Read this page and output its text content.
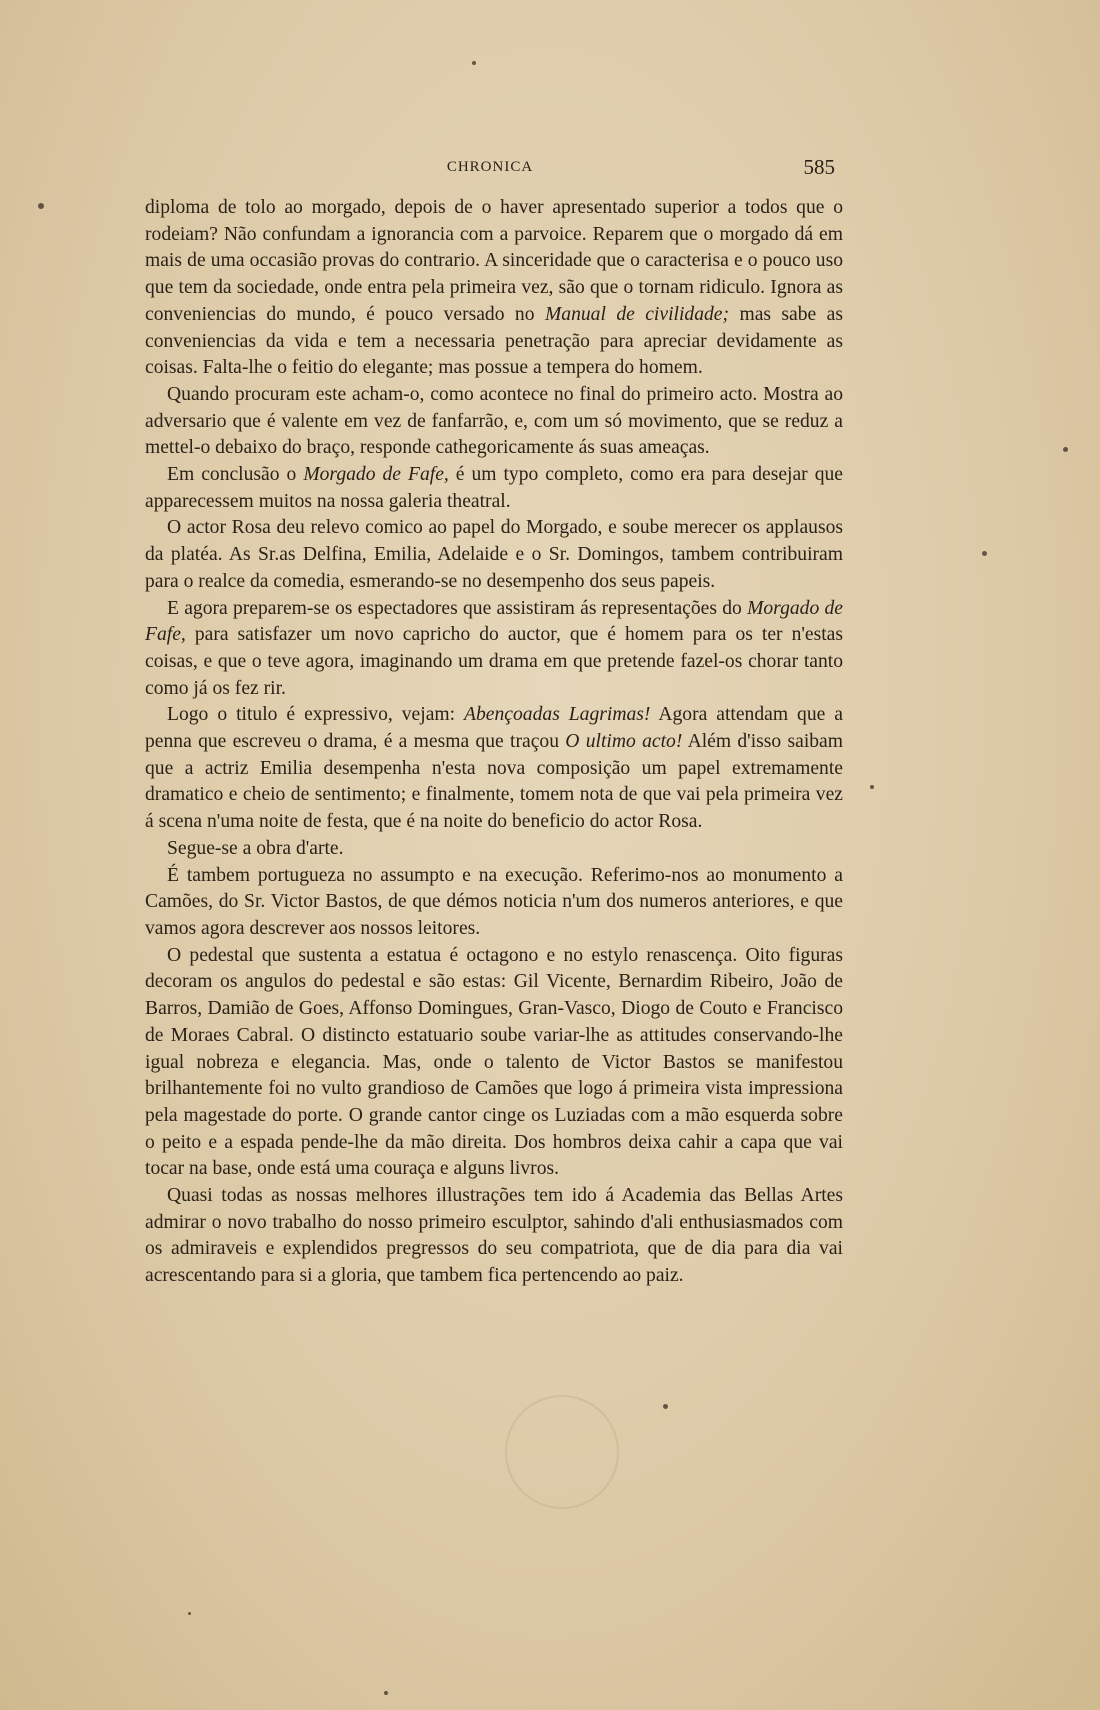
CHRONICA	585

diploma de tolo ao morgado, depois de o haver apresentado superior a todos que o rodeiam? Não confundam a ignorancia com a parvoice. Reparem que o morgado dá em mais de uma occasião provas do contrario. A sinceridade que o caracterisa e o pouco uso que tem da sociedade, onde entra pela primeira vez, são que o tornam ridiculo. Ignora as conveniencias do mundo, é pouco versado no Manual de civilidade; mas sabe as conveniencias da vida e tem a necessaria penetração para apreciar devidamente as coisas. Falta-lhe o feitio do elegante; mas possue a tempera do homem.

Quando procuram este acham-o, como acontece no final do primeiro acto. Mostra ao adversario que é valente em vez de fanfarrão, e, com um só movimento, que se reduz a mettel-o debaixo do braço, responde cathegoricamente ás suas ameaças.

Em conclusão o Morgado de Fafe, é um typo completo, como era para desejar que apparecessem muitos na nossa galeria theatral.

O actor Rosa deu relevo comico ao papel do Morgado, e soube merecer os applausos da platéa. As Sr.as Delfina, Emilia, Adelaide e o Sr. Domingos, tambem contribuiram para o realce da comedia, esmerando-se no desempenho dos seus papeis.

E agora preparem-se os espectadores que assistiram ás representações do Morgado de Fafe, para satisfazer um novo capricho do auctor, que é homem para os ter n'estas coisas, e que o teve agora, imaginando um drama em que pretende fazel-os chorar tanto como já os fez rir.

Logo o titulo é expressivo, vejam: Abençoadas Lagrimas! Agora attendam que a penna que escreveu o drama, é a mesma que traçou O ultimo acto! Além d'isso saibam que a actriz Emilia desempenha n'esta nova composição um papel extremamente dramatico e cheio de sentimento; e finalmente, tomem nota de que vai pela primeira vez á scena n'uma noite de festa, que é na noite do beneficio do actor Rosa.

Segue-se a obra d'arte.

É tambem portugueza no assumpto e na execução. Referimo-nos ao monumento a Camões, do Sr. Victor Bastos, de que démos noticia n'um dos numeros anteriores, e que vamos agora descrever aos nossos leitores.

O pedestal que sustenta a estatua é octagono e no estylo renascença. Oito figuras decoram os angulos do pedestal e são estas: Gil Vicente, Bernardim Ribeiro, João de Barros, Damião de Goes, Affonso Domingues, Gran-Vasco, Diogo de Couto e Francisco de Moraes Cabral. O distincto estatuario soube variar-lhe as attitudes conservando-lhe igual nobreza e elegancia. Mas, onde o talento de Victor Bastos se manifestou brilhantemente foi no vulto grandioso de Camões que logo á primeira vista impressiona pela magestade do porte. O grande cantor cinge os Luziadas com a mão esquerda sobre o peito e a espada pende-lhe da mão direita. Dos hombros deixa cahir a capa que vai tocar na base, onde está uma couraça e alguns livros.

Quasi todas as nossas melhores illustrações tem ido á Academia das Bellas Artes admirar o novo trabalho do nosso primeiro esculptor, sahindo d'ali enthusiasmados com os admiraveis e explendidos pregressos do seu compatriota, que de dia para dia vai acrescentando para si a gloria, que tambem fica pertencendo ao paiz.
